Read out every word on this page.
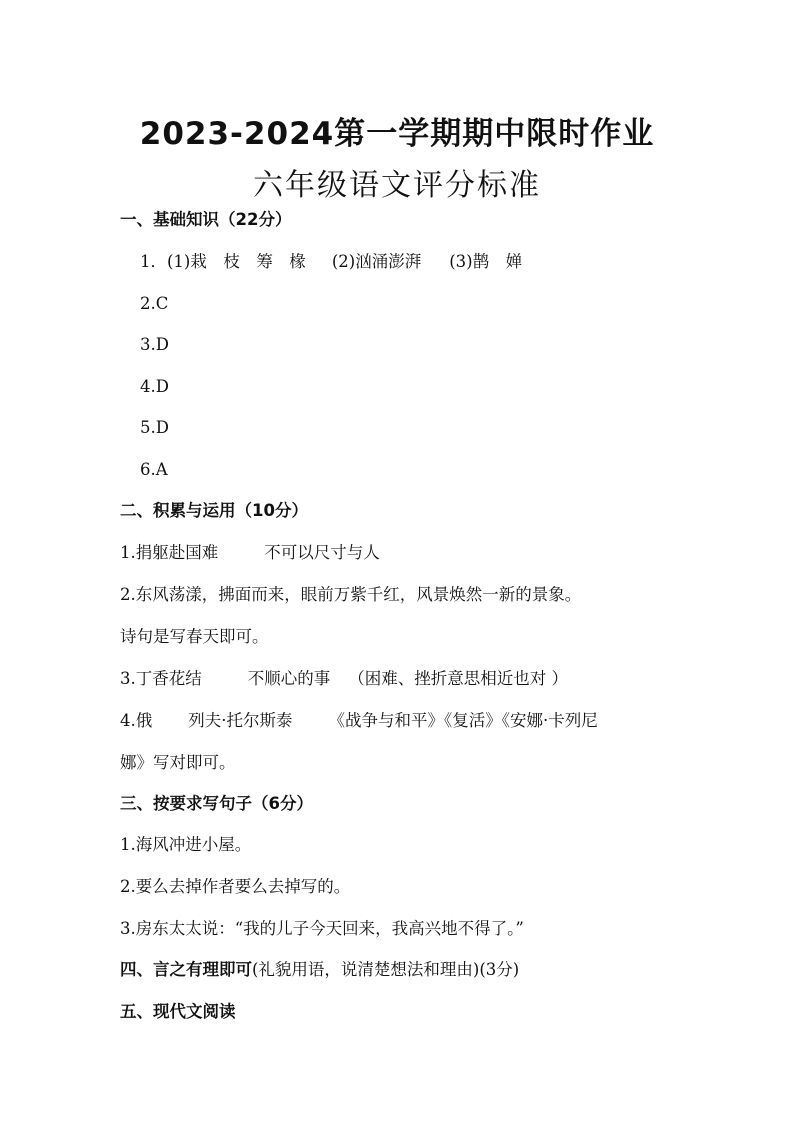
2023-2024第一学期期中限时作业
六年级语文评分标准
一、基础知识（22分）
1．(1)栽　枝　筹　椽 (2)汹涌澎湃 (3)鹊　婵
2.C
3.D
4.D
5.D
6.A
二、积累与运用（10分）
1.捐躯赴国难	不可以尺寸与人
2.东风荡漾，拂面而来，眼前万紫千红，风景焕然一新的景象。
诗句是写春天即可。
3.丁香花结	不顺心的事 （困难、挫折意思相近也对 ）
4.俄 列夫·托尔斯泰 《战争与和平》《复活》《安娜·卡列尼
娜》写对即可。
三、按要求写句子（6分）
1.海风冲进小屋。
2.要么去掉作者要么去掉写的。
3.房东太太说：“我的儿子今天回来，我高兴地不得了。”
四、言之有理即可(礼貌用语，说清楚想法和理由)(3分)
五、现代文阅读
